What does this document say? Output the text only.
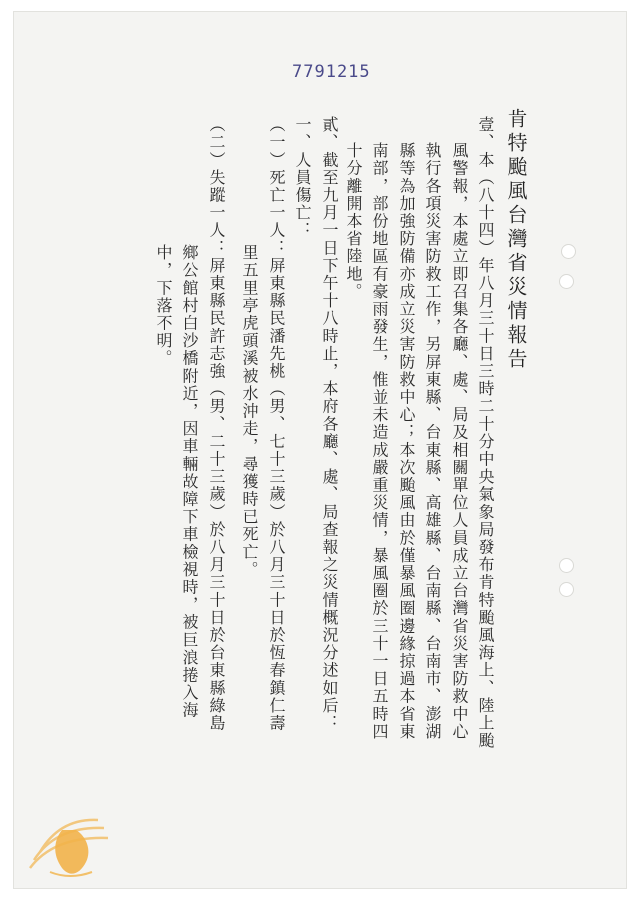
7791215
肯特颱風台灣省災情報告
壹、本（八十四）年八月三十日三時二十分中央氣象局發布肯特颱風海上、陸上颱
風警報，本處立即召集各廳、處、局及相關單位人員成立台灣省災害防救中心
執行各項災害防救工作，另屏東縣、台東縣、高雄縣、台南縣、台南市、澎湖
縣等為加強防備亦成立災害防救中心；本次颱風由於僅暴風圈邊緣掠過本省東
南部，部份地區有豪雨發生，惟並未造成嚴重災情，暴風圈於三十一日五時四
十分離開本省陸地。
貳、截至九月一日下午十八時止，本府各廳、處、局查報之災情概況分述如后：
一、人員傷亡：
（一）死亡一人：屏東縣民潘先桃（男、七十三歲）於八月三十日於恆春鎮仁壽
里五里亭虎頭溪被水沖走，尋獲時已死亡。
（二）失蹤一人：屏東縣民許志強（男、二十三歲）於八月三十日於台東縣綠島
鄉公館村白沙橋附近，因車輛故障下車檢視時，被巨浪捲入海
中，下落不明。
